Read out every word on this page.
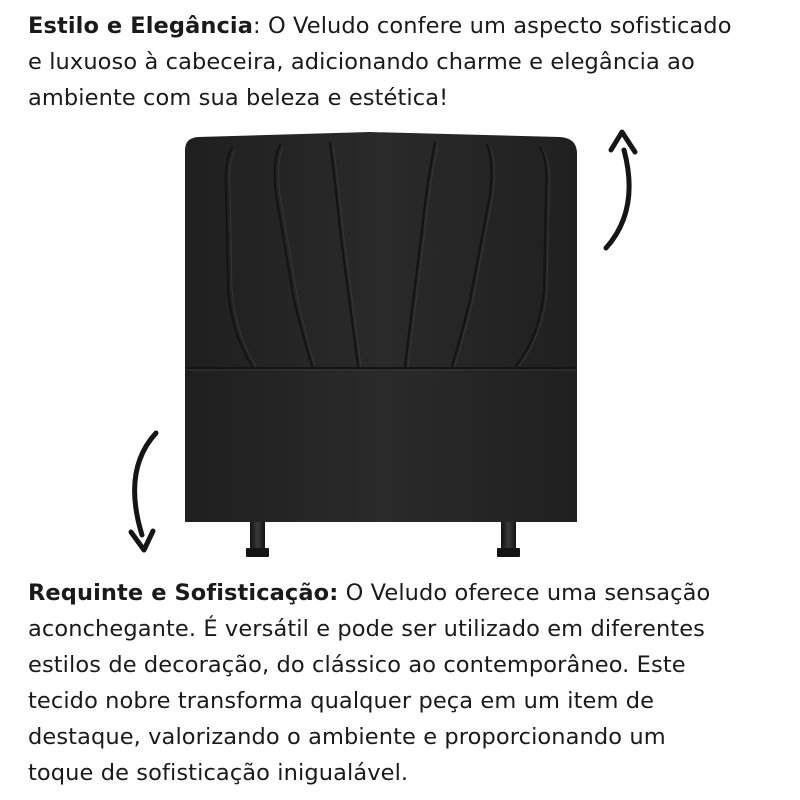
Estilo e Elegância: O Veludo confere um aspecto sofisticado
e luxuoso à cabeceira, adicionando charme e elegância ao
ambiente com sua beleza e estética!

Requinte e Sofisticação: O Veludo oferece uma sensação
aconchegante. É versátil e pode ser utilizado em diferentes
estilos de decoração, do clássico ao contemporâneo. Este
tecido nobre transforma qualquer peça em um item de
destaque, valorizando o ambiente e proporcionando um
toque de sofisticação inigualável.
